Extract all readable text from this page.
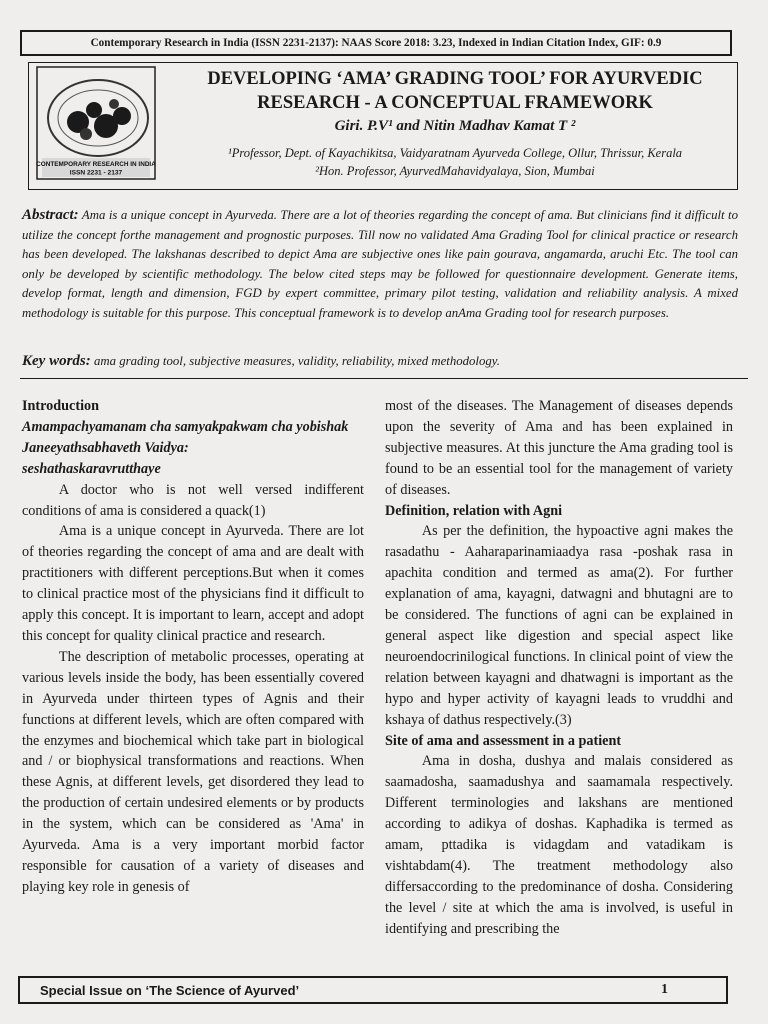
Contemporary Research in India (ISSN 2231-2137): NAAS Score 2018: 3.23, Indexed in Indian Citation Index, GIF: 0.9
CONTEMPORARY RESEARCH IN INDIA
ISSN 2231 - 2137
DEVELOPING ‘AMA’ GRADING TOOL’ FOR AYURVEDIC
RESEARCH - A CONCEPTUAL FRAMEWORK
Giri. P.V¹ and Nitin Madhav Kamat T ²
¹Professor, Dept. of Kayachikitsa, Vaidyaratnam Ayurveda College, Ollur, Thrissur, Kerala
²Hon. Professor, AyurvedMahavidyalaya, Sion, Mumbai
Abstract: Ama is a unique concept in Ayurveda. There are a lot of theories regarding the concept of ama. But clinicians find it difficult to utilize the concept forthe management and prognostic purposes. Till now no validated Ama Grading Tool for clinical practice or research has been developed. The lakshanas described to depict Ama are subjective ones like pain gourava, angamarda, aruchi Etc. The tool can only be developed by scientific methodology. The below cited steps may be followed for questionnaire development. Generate items, develop format, length and dimension, FGD by expert committee, primary pilot testing, validation and reliability analysis. A mixed methodology is suitable for this purpose. This conceptual framework is to develop anAma Grading tool for research purposes.
Key words: ama grading tool, subjective measures, validity, reliability, mixed methodology.

Introduction

Amampachyamanam cha samyakpakwam cha yobishak

Janeeyathsabhaveth Vaidya:

seshathaskaravrutthaye

A doctor who is not well versed indifferent conditions of ama is considered a quack(1)

Ama is a unique concept in Ayurveda. There are lot of theories regarding the concept of ama and are dealt with practitioners with different perceptions.But when it comes to clinical practice most of the physicians find it difficult to apply this concept. It is important to learn, accept and adopt this concept for quality clinical practice and research.

The description of metabolic processes, operating at various levels inside the body, has been essentially covered in Ayurveda under thirteen types of Agnis and their functions at different levels, which are often compared with the enzymes and biochemical which take part in biological and / or biophysical transformations and reactions. When these Agnis, at different levels, get disordered they lead to the production of certain undesired elements or by products in the system, which can be considered as 'Ama' in Ayurveda. Ama is a very important morbid factor responsible for causation of a variety of diseases and playing key role in genesis of

most of the diseases. The Management of diseases depends upon the severity of Ama and has been explained in subjective measures. At this juncture the Ama grading tool is found to be an essential tool for the management of variety of diseases.

Definition, relation with Agni

As per the definition, the hypoactive agni makes the rasadathu - Aaharaparinamiaadya rasa -poshak rasa in apachita condition and termed as ama(2). For further explanation of ama, kayagni, datwagni and bhutagni are to be considered. The functions of agni can be explained in general aspect like digestion and special aspect like neuroendocrinilogical functions. In clinical point of view the relation between kayagni and dhatwagni is important as the hypo and hyper activity of kayagni leads to vruddhi and kshaya of dathus respectively.(3)

Site of ama and assessment in a patient

Ama in dosha, dushya and malais considered as saamadosha, saamadushya and saamamala respectively. Different terminologies and lakshans are mentioned according to adikya of doshas. Kaphadika is termed as amam, pttadika is vidagdam and vatadikam is vishtabdam(4). The treatment methodology also differsaccording to the predominance of dosha. Considering the level / site at which the ama is involved, is useful in identifying and prescribing the

Special Issue on ‘The Science of Ayurved’	1
